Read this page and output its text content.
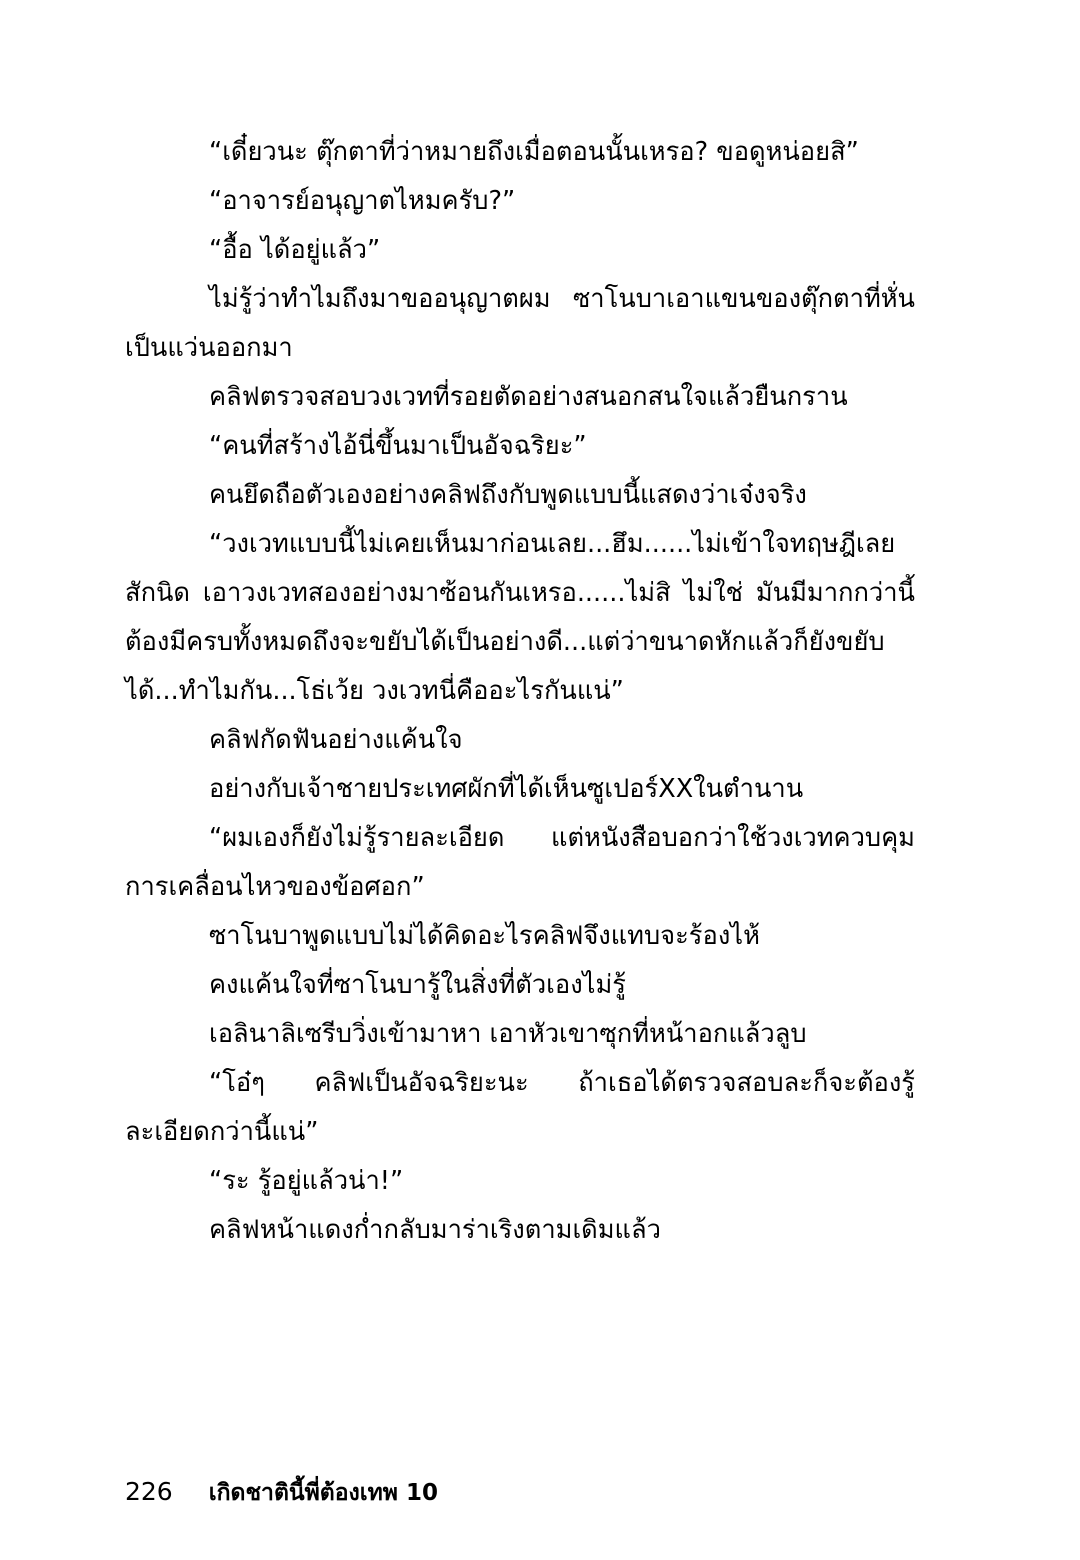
“เดี๋ยวนะ ตุ๊กตาที่ว่าหมายถึงเมื่อตอนนั้นเหรอ? ขอดูหน่อยสิ”

“อาจารย์อนุญาตไหมครับ?”

“อื้อ ได้อยู่แล้ว”

ไม่รู้ว่าทำไมถึงมาขออนุญาตผม ซาโนบาเอาแขนของตุ๊กตาที่หั่นเป็นแว่นออกมา

คลิฟตรวจสอบวงเวทที่รอยตัดอย่างสนอกสนใจแล้วยืนกราน

“คนที่สร้างไอ้นี่ขึ้นมาเป็นอัจฉริยะ”

คนยึดถือตัวเองอย่างคลิฟถึงกับพูดแบบนี้แสดงว่าเจ๋งจริง

“วงเวทแบบนี้ไม่เคยเห็นมาก่อนเลย...ฮึม......ไม่เข้าใจทฤษฎีเลยสักนิด เอาวงเวทสองอย่างมาซ้อนกันเหรอ......ไม่สิ ไม่ใช่ มันมีมากกว่านี้ต้องมีครบทั้งหมดถึงจะขยับได้เป็นอย่างดี...แต่ว่าขนาดหักแล้วก็ยังขยับได้...ทำไมกัน...โธ่เว้ย วงเวทนี่คืออะไรกันแน่”

คลิฟกัดฟันอย่างแค้นใจ

อย่างกับเจ้าชายประเทศผักที่ได้เห็นซูเปอร์XXในตำนาน

“ผมเองก็ยังไม่รู้รายละเอียด แต่หนังสือบอกว่าใช้วงเวทควบคุมการเคลื่อนไหวของข้อศอก”

ซาโนบาพูดแบบไม่ได้คิดอะไรคลิฟจึงแทบจะร้องไห้

คงแค้นใจที่ซาโนบารู้ในสิ่งที่ตัวเองไม่รู้

เอลินาลิเซรีบวิ่งเข้ามาหา เอาหัวเขาซุกที่หน้าอกแล้วลูบ

“โอ๋ๆ คลิฟเป็นอัจฉริยะนะ ถ้าเธอได้ตรวจสอบละก็จะต้องรู้ละเอียดกว่านี้แน่”

“ระ รู้อยู่แล้วน่า!”

คลิฟหน้าแดงก่ำกลับมาร่าเริงตามเดิมแล้ว

226 เกิดชาตินี้พี่ต้องเทพ 10
